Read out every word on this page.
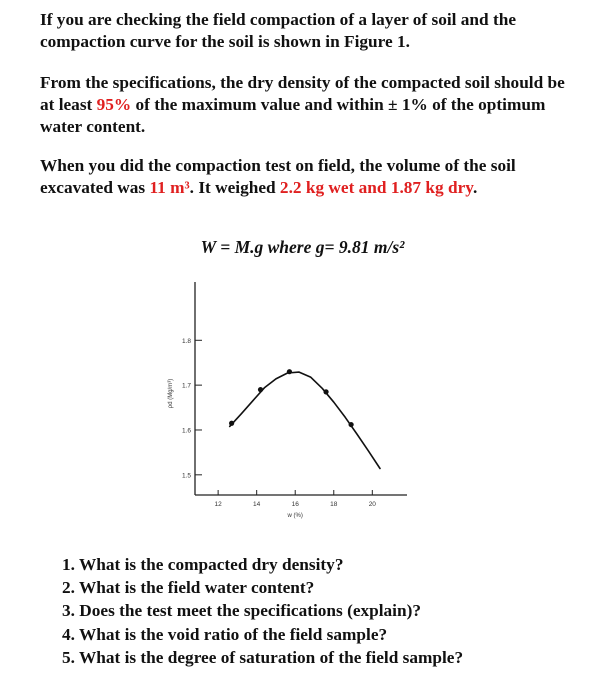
If you are checking the field compaction of a layer of soil and the compaction curve for the soil is shown in Figure 1.

From the specifications, the dry density of the compacted soil should be at least 95% of the maximum value and within ± 1% of the optimum water content.

When you did the compaction test on field, the volume of the soil excavated was 11 m³. It weighed 2.2 kg wet and 1.87 kg dry.

W = M.g where g= 9.81 m/s²
1.5
1.6
1.7
1.8
12	14	16	18	20
w (%)
ρd (Mg/m³)
1. What is the compacted dry density?
2. What is the field water content?
3. Does the test meet the specifications (explain)?
4. What is the void ratio of the field sample?
5. What is the degree of saturation of the field sample?
